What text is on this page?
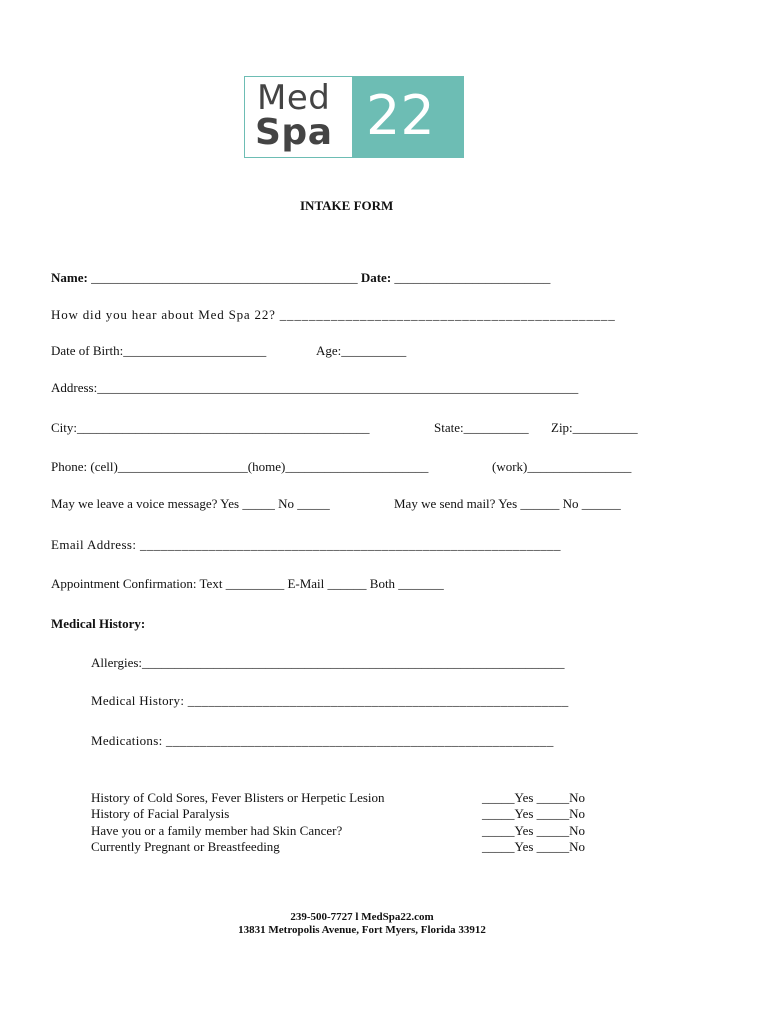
Med
Spa 22
INTAKE FORM
Name: _________________________________________ Date: ________________________
How did you hear about Med Spa 22? ______________________________________________
Date of Birth:______________________	Age:__________
Address:__________________________________________________________________________
City:_____________________________________________	State:__________ Zip:__________
Phone: (cell)____________________(home)______________________	(work)________________
May we leave a voice message? Yes _____ No _____	May we send mail? Yes ______ No ______
Email Address: _____________________________________________________________
Appointment Confirmation: Text _________ E-Mail ______ Both _______
Medical History:
Allergies:_________________________________________________________________
Medical History: ________________________________________________________
Medications: _________________________________________________________
History of Cold Sores, Fever Blisters or Herpetic Lesion	_____Yes _____No
History of Facial Paralysis	_____Yes _____No
Have you or a family member had Skin Cancer?	_____Yes _____No
Currently Pregnant or Breastfeeding	_____Yes _____No
239-500-7727 l MedSpa22.com
13831 Metropolis Avenue, Fort Myers, Florida 33912
